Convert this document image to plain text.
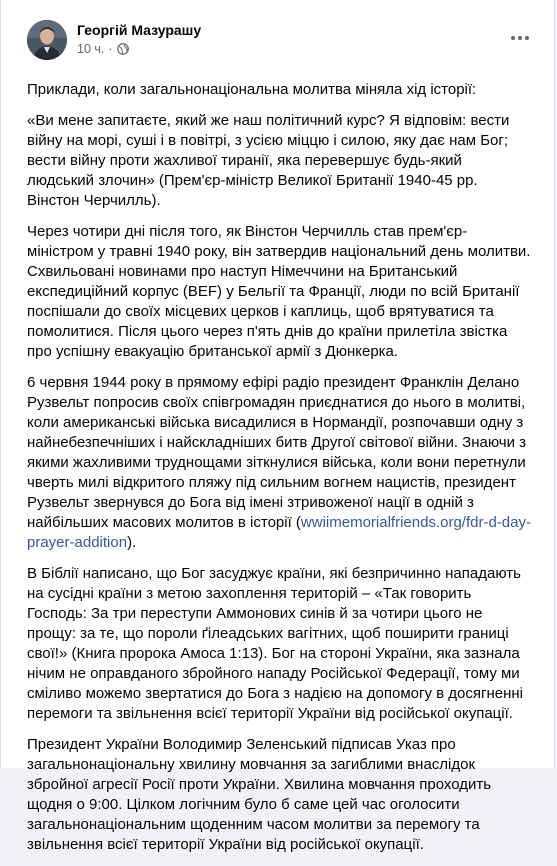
Георгій Мазурашу
10 ч. ·

Приклади, коли загальнонаціональна молитва міняла хід історії:

«Ви мене запитаєте, який же наш політичний курс? Я відповім: вести війну на морі, суші і в повітрі, з усією міццю і силою, яку дає нам Бог; вести війну проти жахливої тиранії, яка перевершує будь-який людський злочин» (Прем'єр-міністр Великої Британії 1940-45 рр. Вінстон Черчилль).

Через чотири дні після того, як Вінстон Черчилль став прем'єр-міністром у травні 1940 року, він затвердив національний день молитви. Схвильовані новинами про наступ Німеччини на Британський експедиційний корпус (BEF) у Бельгії та Франції, люди по всій Британії поспішали до своїх місцевих церков і каплиць, щоб врятуватися та помолитися. Після цього через п'ять днів до країни прилетіла звістка про успішну евакуацію британської армії з Дюнкерка.

6 червня 1944 року в прямому ефірі радіо президент Франклін Делано Рузвельт попросив своїх співгромадян приєднатися до нього в молитві, коли американські війська висадилися в Нормандії, розпочавши одну з найнебезпечніших і найскладніших битв Другої світової війни. Знаючи з якими жахливими труднощами зіткнулися війська, коли вони перетнули чверть милі відкритого пляжу під сильним вогнем нацистів, президент Рузвельт звернувся до Бога від імені зтривоженої нації в одній з найбільших масових молитов в історії (wwiimemorialfriends.org/fdr-d-day-prayer-addition).

В Біблії написано, що Бог засуджує країни, які безпричинно нападають на сусідні країни з метою захоплення територій – «Так говорить Господь: За три переступи Аммонових синів й за чотири цього не прощу: за те, що пороли ґілеадських вагітних, щоб поширити границі свої!» (Книга пророка Амоса 1:13). Бог на стороні України, яка зазнала нічим не оправданого збройного нападу Російської Федерації, тому ми сміливо можемо звертатися до Бога з надією на допомогу в досягненні перемоги та звільнення всієї території України від російської окупації.

Президент України Володимир Зеленський підписав Указ про загальнонаціональну хвилину мовчання за загиблими внаслідок збройної агресії Росії проти України. Хвилина мовчання проходить щодня о 9:00. Цілком логічним було б саме цей час оголосити загальнонаціональним щоденним часом молитви за перемогу та звільнення всієї території України від російської окупації.
